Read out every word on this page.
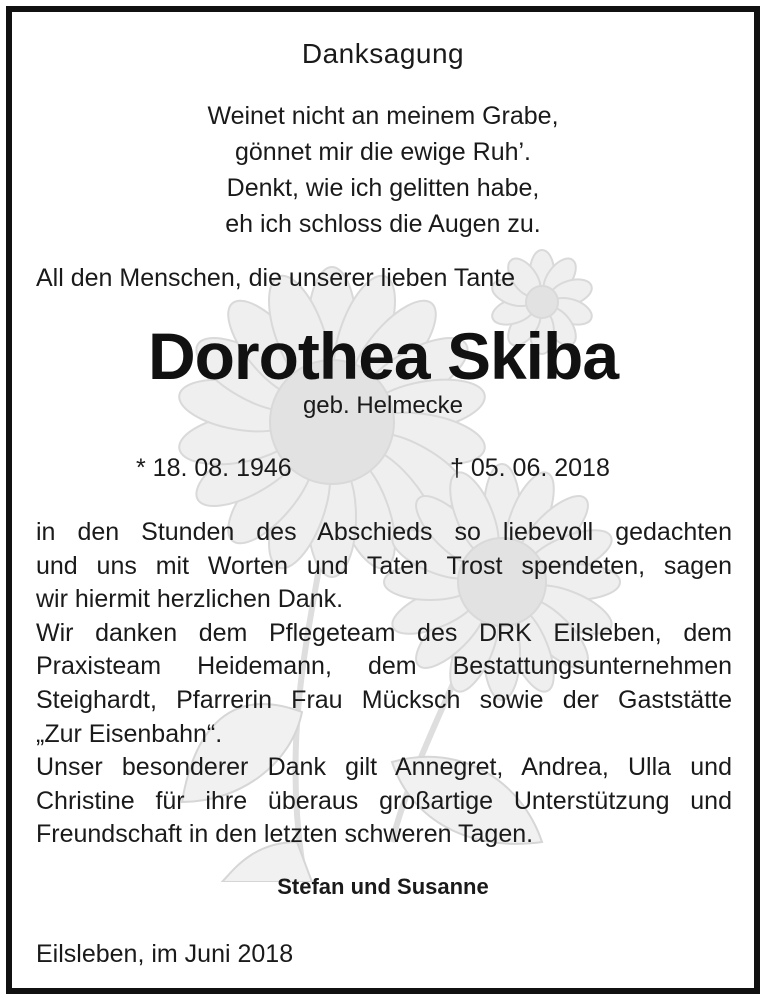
Danksagung
Weinet nicht an meinem Grabe,
gönnet mir die ewige Ruh’.
Denkt, wie ich gelitten habe,
eh ich schloss die Augen zu.
All den Menschen, die unserer lieben Tante
Dorothea Skiba
geb. Helmecke
* 18. 08. 1946	† 05. 06. 2018
in den Stunden des Abschieds so liebevoll gedachten
und uns mit Worten und Taten Trost spendeten, sagen
wir hiermit herzlichen Dank.
Wir danken dem Pflegeteam des DRK Eilsleben, dem
Praxisteam Heidemann, dem Bestattungsunternehmen
Steighardt, Pfarrerin Frau Mücksch sowie der Gaststätte
„Zur Eisenbahn“.
Unser besonderer Dank gilt Annegret, Andrea, Ulla und
Christine für ihre überaus großartige Unterstützung und
Freundschaft in den letzten schweren Tagen.
Stefan und Susanne
Eilsleben, im Juni 2018
